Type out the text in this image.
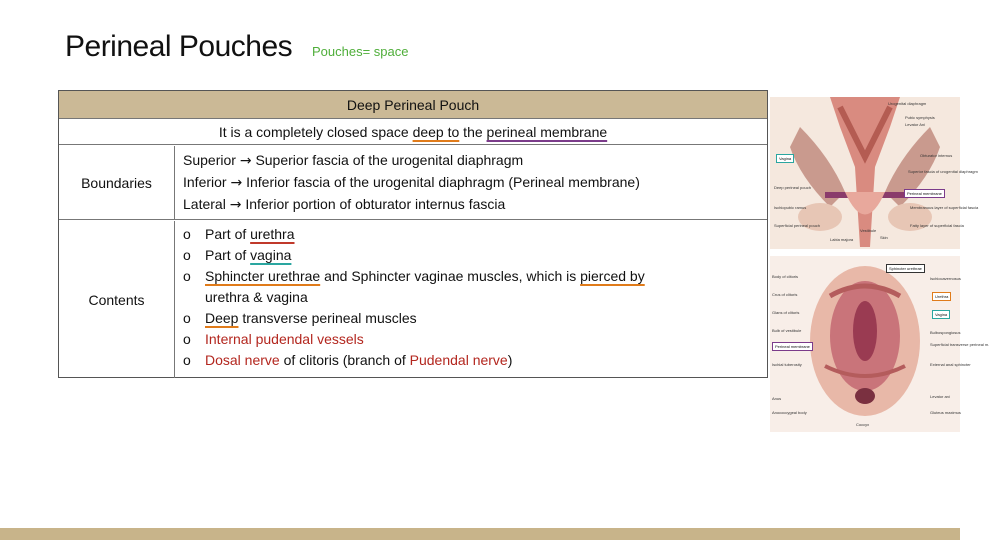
Perineal Pouches Pouches= space
Deep Perineal Pouch
It is a completely closed space deep to the perineal membrane
Boundaries
Superior → Superior fascia of the urogenital diaphragm
Inferior → Inferior fascia of the urogenital diaphragm (Perineal membrane)
Lateral → Inferior portion of obturator internus fascia
Contents
o Part of urethra
o Part of vagina
o Sphincter urethrae and Sphincter vaginae muscles, which is pierced by
urethra & vagina
o Deep transverse perineal muscles
o Internal pudendal vessels
o Dosal nerve of clitoris (branch of Pudendal nerve)
Urogenital diaphragm
Pubic symphysis
Levator Ani
Obturator internus
Superior fascia of urogenital diaphragm
Perineal membrane
Membranous layer of superficial fascia
Fatty layer of superficial fascia
Skin
Vagina
Deep perineal pouch
Ischiopubic ramus
Superficial perineal pouch
Vestibule
Labia majora
Sphincter urethrae
Body of clitoris
Crus of clitoris
Glans of clitoris
Bulb of vestibule
Perineal membrane
Ischial tuberosity
Urethra
Vagina
Bulbospongiosus
Superficial transverse perineal m.
Ischiocavernosus
External anal sphincter
Levator ani
Gluteus maximus
Anus
Anococcygeal body
Coccyx
